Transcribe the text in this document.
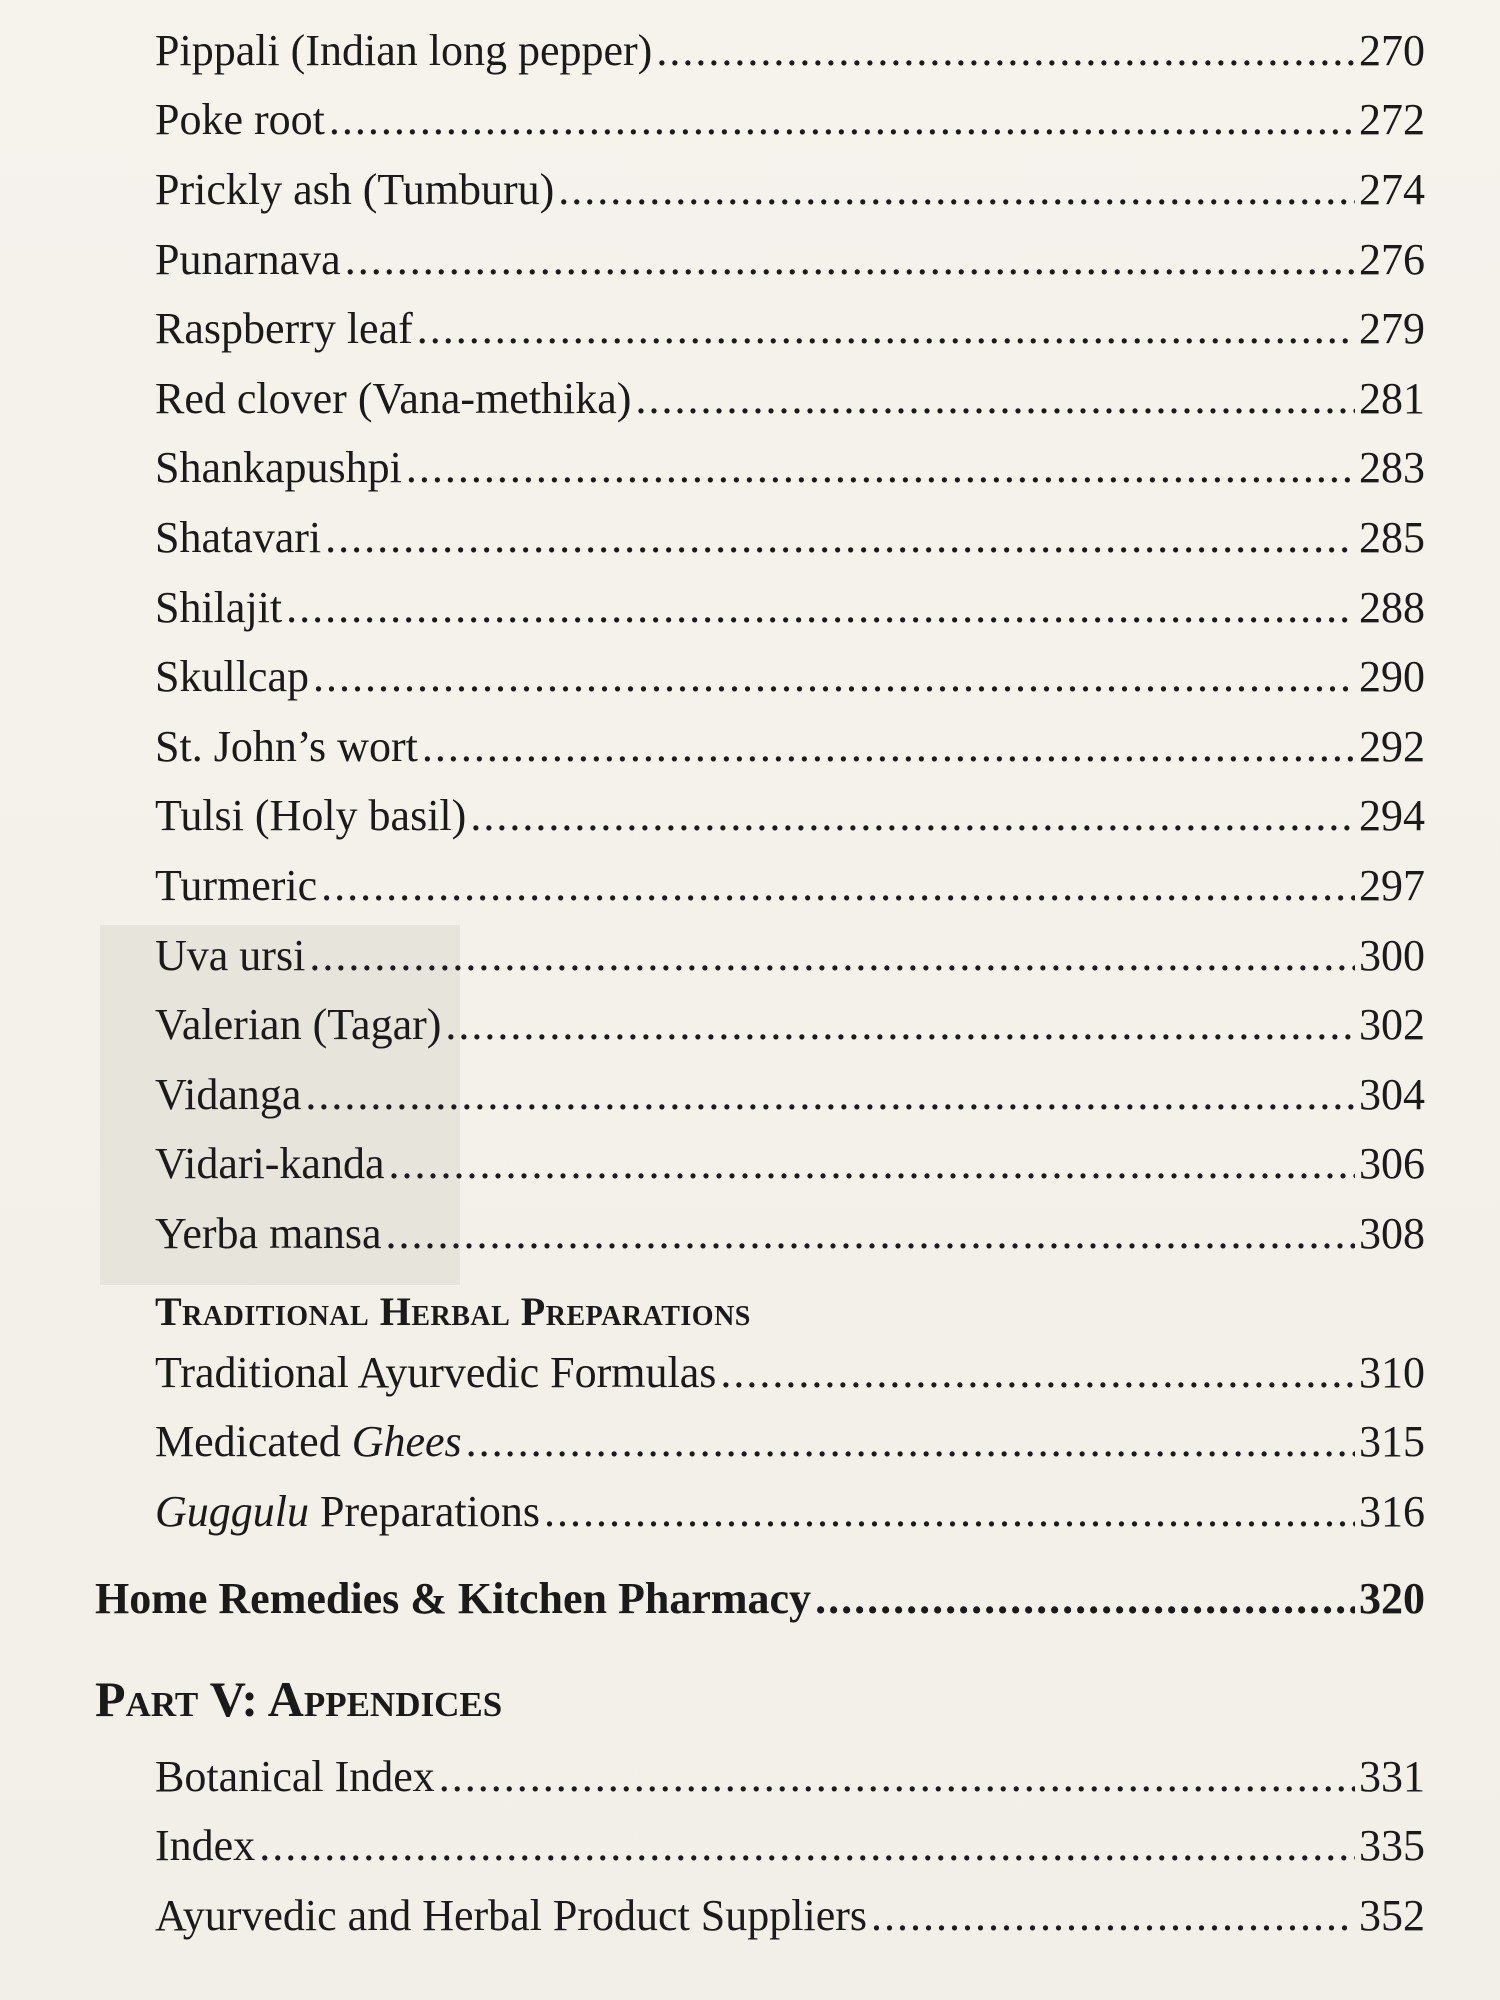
Pippali (Indian long pepper) .....	270
Poke root .....	272
Prickly ash (Tumburu) .....	274
Punarnava .....	276
Raspberry leaf .....	279
Red clover (Vana-methika) .....	281
Shankapushpi .....	283
Shatavari .....	285
Shilajit .....	288
Skullcap .....	290
St. John’s wort .....	292
Tulsi (Holy basil) .....	294
Turmeric .....	297
Uva ursi .....	300
Valerian (Tagar) .....	302
Vidanga .....	304
Vidari-kanda .....	306
Yerba mansa .....	308
Traditional Herbal Preparations
Traditional Ayurvedic Formulas .....	310
Medicated Ghees .....	315
Guggulu Preparations .....	316
Home Remedies & Kitchen Pharmacy .....	320
Part V: Appendices
Botanical Index .....	331
Index .....	335
Ayurvedic and Herbal Product Suppliers .....	352
